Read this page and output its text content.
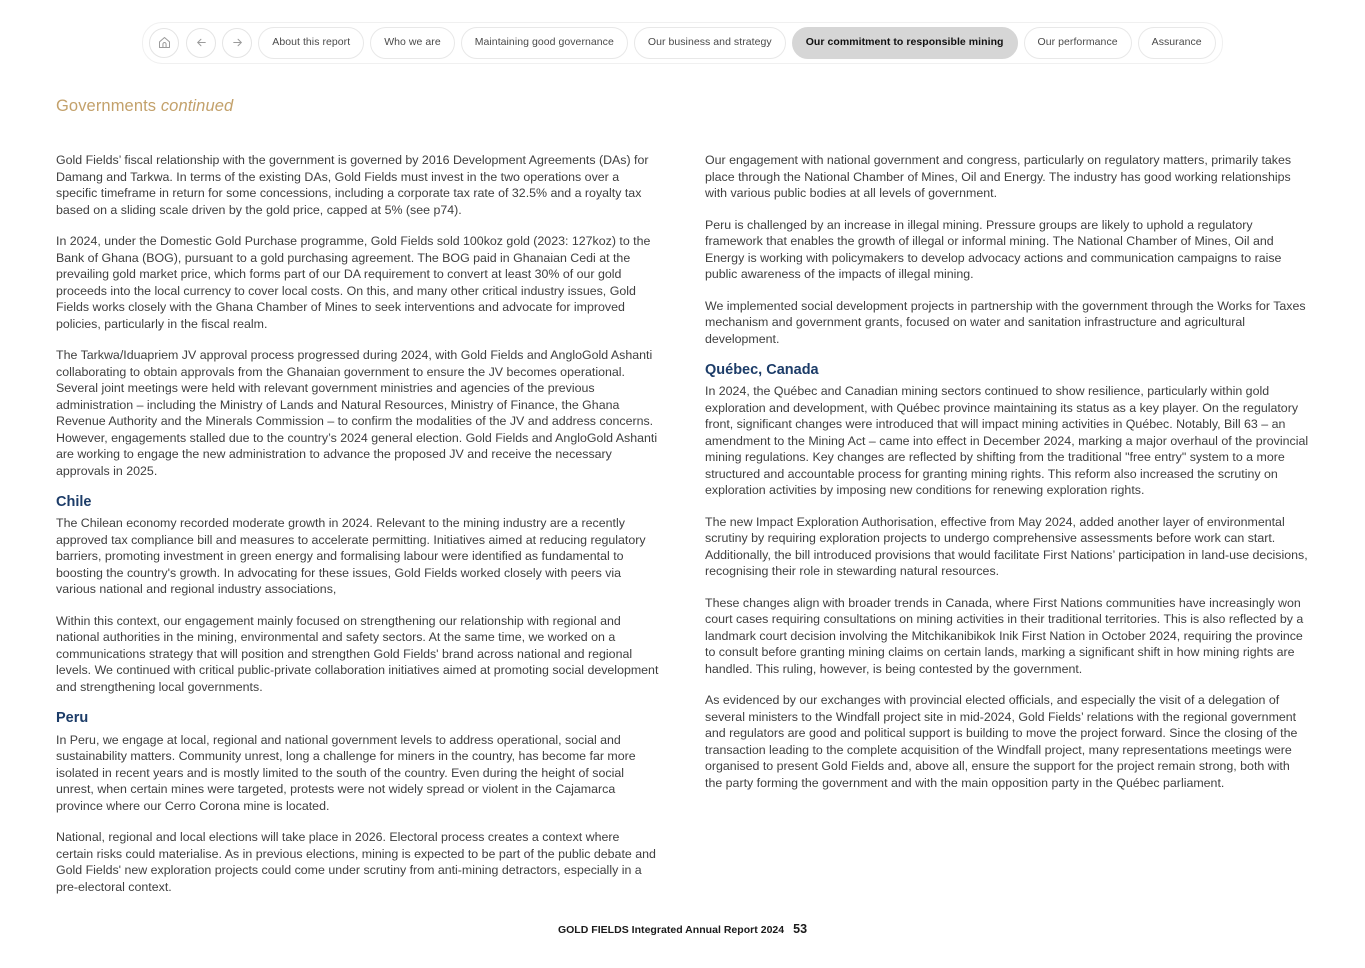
About this report	Who we are	Maintaining good governance	Our business and strategy	Our commitment to responsible mining	Our performance	Assurance
Governments continued

Gold Fields’ fiscal relationship with the government is governed by 2016 Development Agreements (DAs) for Damang and Tarkwa. In terms of the existing DAs, Gold Fields must invest in the two operations over a specific timeframe in return for some concessions, including a corporate tax rate of 32.5% and a royalty tax based on a sliding scale driven by the gold price, capped at 5% (see p74).

In 2024, under the Domestic Gold Purchase programme, Gold Fields sold 100koz gold (2023: 127koz) to the Bank of Ghana (BOG), pursuant to a gold purchasing agreement. The BOG paid in Ghanaian Cedi at the prevailing gold market price, which forms part of our DA requirement to convert at least 30% of our gold proceeds into the local currency to cover local costs. On this, and many other critical industry issues, Gold Fields works closely with the Ghana Chamber of Mines to seek interventions and advocate for improved policies, particularly in the fiscal realm.

The Tarkwa/Iduapriem JV approval process progressed during 2024, with Gold Fields and AngloGold Ashanti collaborating to obtain approvals from the Ghanaian government to ensure the JV becomes operational. Several joint meetings were held with relevant government ministries and agencies of the previous administration – including the Ministry of Lands and Natural Resources, Ministry of Finance, the Ghana Revenue Authority and the Minerals Commission – to confirm the modalities of the JV and address concerns. However, engagements stalled due to the country’s 2024 general election. Gold Fields and AngloGold Ashanti are working to engage the new administration to advance the proposed JV and receive the necessary approvals in 2025.

Chile

The Chilean economy recorded moderate growth in 2024. Relevant to the mining industry are a recently approved tax compliance bill and measures to accelerate permitting. Initiatives aimed at reducing regulatory barriers, promoting investment in green energy and formalising labour were identified as fundamental to boosting the country's growth. In advocating for these issues, Gold Fields worked closely with peers via various national and regional industry associations,

Within this context, our engagement mainly focused on strengthening our relationship with regional and national authorities in the mining, environmental and safety sectors. At the same time, we worked on a communications strategy that will position and strengthen Gold Fields' brand across national and regional levels. We continued with critical public-private collaboration initiatives aimed at promoting social development and strengthening local governments.

Peru

In Peru, we engage at local, regional and national government levels to address operational, social and sustainability matters. Community unrest, long a challenge for miners in the country, has become far more isolated in recent years and is mostly limited to the south of the country. Even during the height of social unrest, when certain mines were targeted, protests were not widely spread or violent in the Cajamarca province where our Cerro Corona mine is located.

National, regional and local elections will take place in 2026. Electoral process creates a context where certain risks could materialise. As in previous elections, mining is expected to be part of the public debate and Gold Fields' new exploration projects could come under scrutiny from anti-mining detractors, especially in a pre-electoral context.

Our engagement with national government and congress, particularly on regulatory matters, primarily takes place through the National Chamber of Mines, Oil and Energy. The industry has good working relationships with various public bodies at all levels of government.

Peru is challenged by an increase in illegal mining. Pressure groups are likely to uphold a regulatory framework that enables the growth of illegal or informal mining. The National Chamber of Mines, Oil and Energy is working with policymakers to develop advocacy actions and communication campaigns to raise public awareness of the impacts of illegal mining.

We implemented social development projects in partnership with the government through the Works for Taxes mechanism and government grants, focused on water and sanitation infrastructure and agricultural development.

Québec, Canada

In 2024, the Québec and Canadian mining sectors continued to show resilience, particularly within gold exploration and development, with Québec province maintaining its status as a key player. On the regulatory front, significant changes were introduced that will impact mining activities in Québec. Notably, Bill 63 – an amendment to the Mining Act – came into effect in December 2024, marking a major overhaul of the provincial mining regulations. Key changes are reflected by shifting from the traditional "free entry" system to a more structured and accountable process for granting mining rights. This reform also increased the scrutiny on exploration activities by imposing new conditions for renewing exploration rights.

The new Impact Exploration Authorisation, effective from May 2024, added another layer of environmental scrutiny by requiring exploration projects to undergo comprehensive assessments before work can start. Additionally, the bill introduced provisions that would facilitate First Nations’ participation in land-use decisions, recognising their role in stewarding natural resources.

These changes align with broader trends in Canada, where First Nations communities have increasingly won court cases requiring consultations on mining activities in their traditional territories. This is also reflected by a landmark court decision involving the Mitchikanibikok Inik First Nation in October 2024, requiring the province to consult before granting mining claims on certain lands, marking a significant shift in how mining rights are handled. This ruling, however, is being contested by the government.

As evidenced by our exchanges with provincial elected officials, and especially the visit of a delegation of several ministers to the Windfall project site in mid-2024, Gold Fields’ relations with the regional government and regulators are good and political support is building to move the project forward. Since the closing of the transaction leading to the complete acquisition of the Windfall project, many representations meetings were organised to present Gold Fields and, above all, ensure the support for the project remain strong, both with the party forming the government and with the main opposition party in the Québec parliament.

GOLD FIELDS Integrated Annual Report 2024 53
